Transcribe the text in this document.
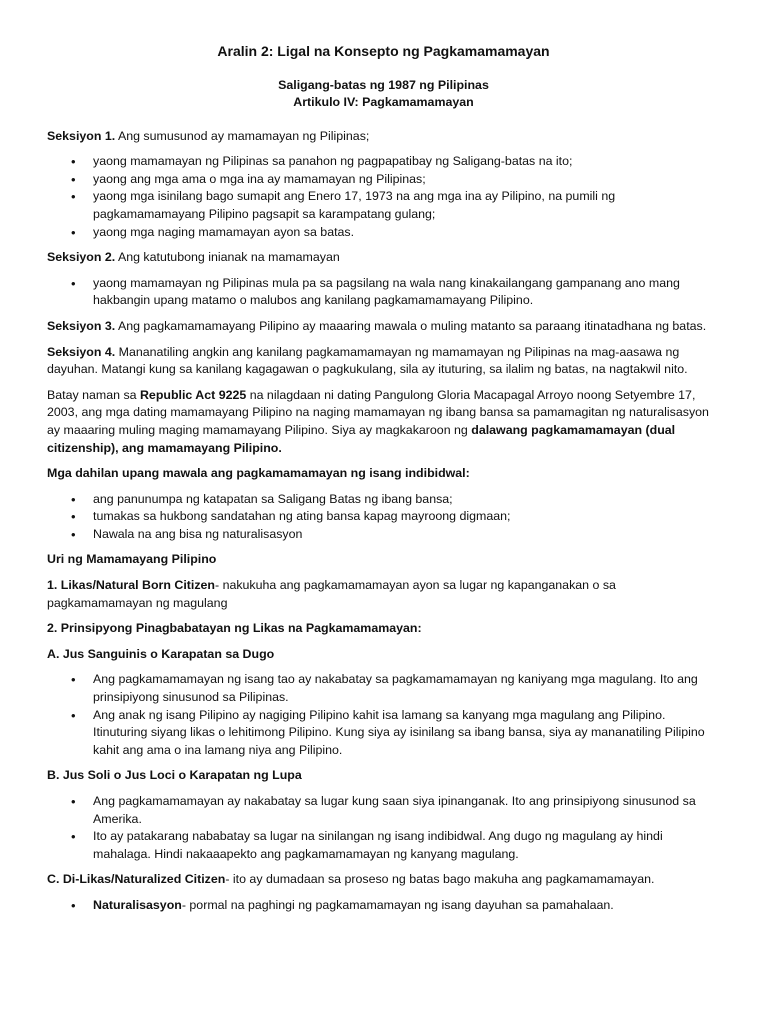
Aralin 2: Ligal na Konsepto ng Pagkamamamayan
Saligang-batas ng 1987 ng Pilipinas
Artikulo IV: Pagkamamamayan

Seksiyon 1. Ang sumusunod ay mamamayan ng Pilipinas;

• yaong mamamayan ng Pilipinas sa panahon ng pagpapatibay ng Saligang-batas na ito;
• yaong ang mga ama o mga ina ay mamamayan ng Pilipinas;
• yaong mga isinilang bago sumapit ang Enero 17, 1973 na ang mga ina ay Pilipino, na pumili ng pagkamamamayang Pilipino pagsapit sa karampatang gulang;
• yaong mga naging mamamayan ayon sa batas.

Seksiyon 2. Ang katutubong inianak na mamamayan

• yaong mamamayan ng Pilipinas mula pa sa pagsilang na wala nang kinakailangang gampanang ano mang hakbangin upang matamo o malubos ang kanilang pagkamamamayang Pilipino.

Seksiyon 3. Ang pagkamamamayang Pilipino ay maaaring mawala o muling matanto sa paraang itinatadhana ng batas.

Seksiyon 4. Mananatiling angkin ang kanilang pagkamamamayan ng mamamayan ng Pilipinas na mag-aasawa ng dayuhan. Matangi kung sa kanilang kagagawan o pagkukulang, sila ay ituturing, sa ilalim ng batas, na nagtakwil nito.

Batay naman sa Republic Act 9225 na nilagdaan ni dating Pangulong Gloria Macapagal Arroyo noong Setyembre 17, 2003, ang mga dating mamamayang Pilipino na naging mamamayan ng ibang bansa sa pamamagitan ng naturalisasyon ay maaaring muling maging mamamayang Pilipino. Siya ay magkakaroon ng dalawang pagkamamamayan (dual citizenship), ang mamamayang Pilipino.

Mga dahilan upang mawala ang pagkamamamayan ng isang indibidwal:

• ang panunumpa ng katapatan sa Saligang Batas ng ibang bansa;
• tumakas sa hukbong sandatahan ng ating bansa kapag mayroong digmaan;
• Nawala na ang bisa ng naturalisasyon

Uri ng Mamamayang Pilipino

1. Likas/Natural Born Citizen- nakukuha ang pagkamamamayan ayon sa lugar ng kapanganakan o sa pagkamamamayan ng magulang

2. Prinsipyong Pinagbabatayan ng Likas na Pagkamamamayan:

A. Jus Sanguinis o Karapatan sa Dugo

• Ang pagkamamamayan ng isang tao ay nakabatay sa pagkamamamayan ng kaniyang mga magulang. Ito ang prinsipiyong sinusunod sa Pilipinas.
• Ang anak ng isang Pilipino ay nagiging Pilipino kahit isa lamang sa kanyang mga magulang ang Pilipino. Itinuturing siyang likas o lehitimong Pilipino. Kung siya ay isinilang sa ibang bansa, siya ay mananatiling Pilipino kahit ang ama o ina lamang niya ang Pilipino.

B. Jus Soli o Jus Loci o Karapatan ng Lupa

• Ang pagkamamamayan ay nakabatay sa lugar kung saan siya ipinanganak. Ito ang prinsipiyong sinusunod sa Amerika.
• Ito ay patakarang nababatay sa lugar na sinilangan ng isang indibidwal. Ang dugo ng magulang ay hindi mahalaga. Hindi nakaaapekto ang pagkamamamayan ng kanyang magulang.

C. Di-Likas/Naturalized Citizen- ito ay dumadaan sa proseso ng batas bago makuha ang pagkamamamayan.

• Naturalisasyon- pormal na paghingi ng pagkamamamayan ng isang dayuhan sa pamahalaan.
